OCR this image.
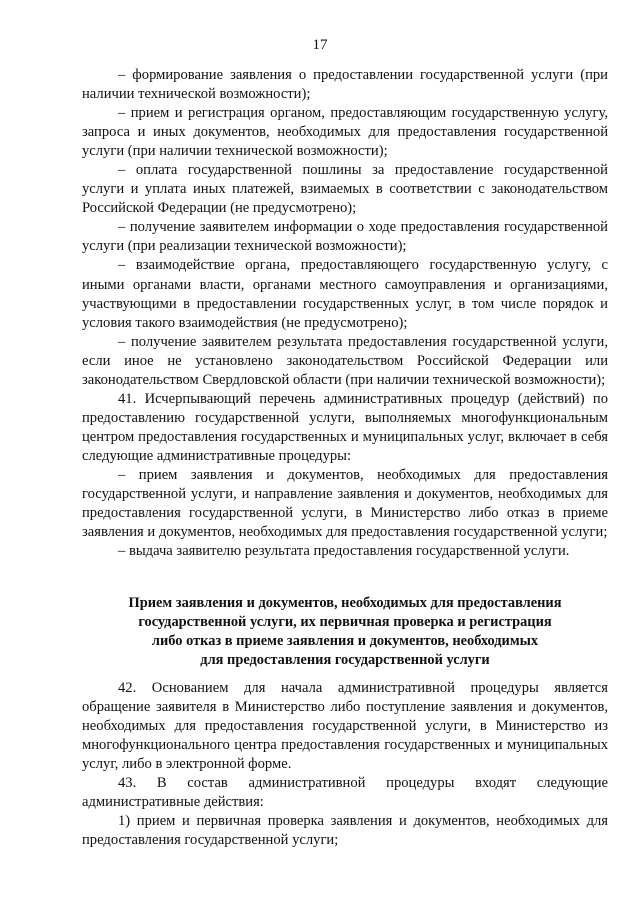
17

– формирование заявления о предоставлении государственной услуги (при наличии технической возможности);

– прием и регистрация органом, предоставляющим государственную услугу, запроса и иных документов, необходимых для предоставления государственной услуги (при наличии технической возможности);

– оплата государственной пошлины за предоставление государственной услуги и уплата иных платежей, взимаемых в соответствии с законодательством Российской Федерации (не предусмотрено);

– получение заявителем информации о ходе предоставления государственной услуги (при реализации технической возможности);

– взаимодействие органа, предоставляющего государственную услугу, с иными органами власти, органами местного самоуправления и организациями, участвующими в предоставлении государственных услуг, в том числе порядок и условия такого взаимодействия (не предусмотрено);

– получение заявителем результата предоставления государственной услуги, если иное не установлено законодательством Российской Федерации или законодательством Свердловской области (при наличии технической возможности);

41. Исчерпывающий перечень административных процедур (действий) по предоставлению государственной услуги, выполняемых многофункциональным центром предоставления государственных и муниципальных услуг, включает в себя следующие административные процедуры:

– прием заявления и документов, необходимых для предоставления государственной услуги, и направление заявления и документов, необходимых для предоставления государственной услуги, в Министерство либо отказ в приеме заявления и документов, необходимых для предоставления государственной услуги;

– выдача заявителю результата предоставления государственной услуги.

Прием заявления и документов, необходимых для предоставления
государственной услуги, их первичная проверка и регистрация
либо отказ в приеме заявления и документов, необходимых
для предоставления государственной услуги

42. Основанием для начала административной процедуры является обращение заявителя в Министерство либо поступление заявления и документов, необходимых для предоставления государственной услуги, в Министерство из многофункционального центра предоставления государственных и муниципальных услуг, либо в электронной форме.

43. В состав административной процедуры входят следующие административные действия:

1) прием и первичная проверка заявления и документов, необходимых для предоставления государственной услуги;
